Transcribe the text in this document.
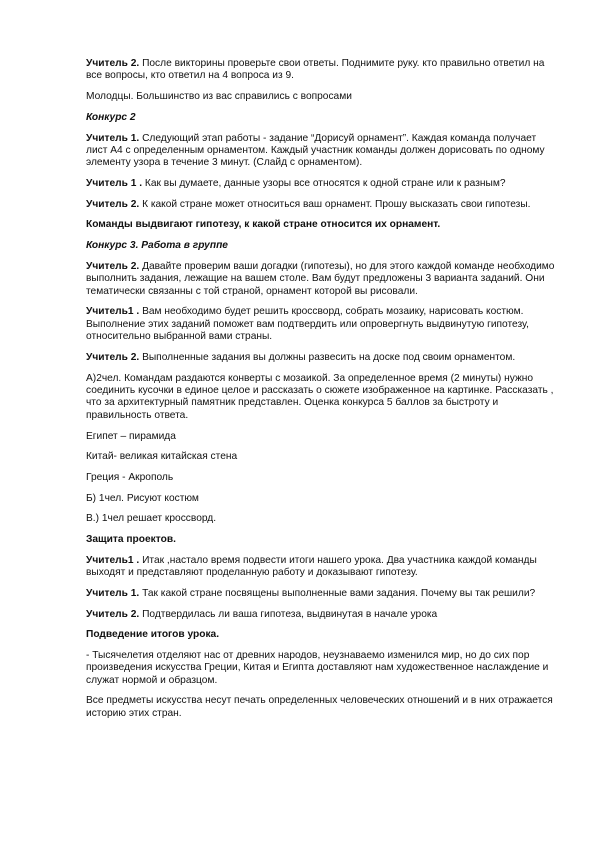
Учитель 2. После викторины проверьте свои ответы. Поднимите руку. кто правильно ответил на все вопросы, кто ответил на 4 вопроса из 9.

Молодцы. Большинство из вас справились с вопросами

Конкурс 2

Учитель 1. Следующий этап работы - задание “Дорисуй орнамент”. Каждая команда получает лист А4 с определенным орнаментом. Каждый участник команды должен дорисовать по одному элементу узора в течение 3 минут. (Слайд с орнаментом).

Учитель 1 . Как вы думаете, данные узоры все относятся к одной стране или к разным?

Учитель 2. К какой стране может относиться ваш орнамент. Прошу высказать свои гипотезы.

Команды выдвигают гипотезу, к какой стране относится их орнамент.

Конкурс 3. Работа в группе

Учитель 2. Давайте проверим ваши догадки (гипотезы), но для этого каждой команде необходимо выполнить задания, лежащие на вашем столе. Вам будут предложены 3 варианта заданий. Они тематически связанны с той страной, орнамент которой вы рисовали.

Учитель1 . Вам необходимо будет решить кроссворд, собрать мозаику, нарисовать костюм. Выполнение этих заданий поможет вам подтвердить или опровергнуть выдвинутую гипотезу, относительно выбранной вами страны.

Учитель 2. Выполненные задания вы должны развесить на доске под своим орнаментом.

А)2чел. Командам раздаются конверты с мозаикой. За определенное время (2 минуты) нужно соединить кусочки в единое целое и рассказать о сюжете изображенное на картинке. Рассказать , что за архитектурный памятник представлен. Оценка конкурса 5 баллов за быстроту и правильность ответа.

Египет – пирамида

Китай- великая китайская стена

Греция - Акрополь

Б) 1чел. Рисуют костюм

В.) 1чел решает кроссворд.

Защита проектов.

Учитель1 . Итак ,настало время подвести итоги нашего урока. Два участника каждой команды выходят и представляют проделанную работу и доказывают гипотезу.

Учитель 1. Так какой стране посвящены выполненные вами задания. Почему вы так решили?

Учитель 2. Подтвердилась ли ваша гипотеза, выдвинутая в начале урока

Подведение итогов урока.

- Тысячелетия отделяют нас от древних народов, неузнаваемо изменился мир, но до сих пор произведения искусства Греции, Китая и Египта доставляют нам художественное наслаждение и служат нормой и образцом.

Все предметы искусства несут печать определенных человеческих отношений и в них отражается историю этих стран.
